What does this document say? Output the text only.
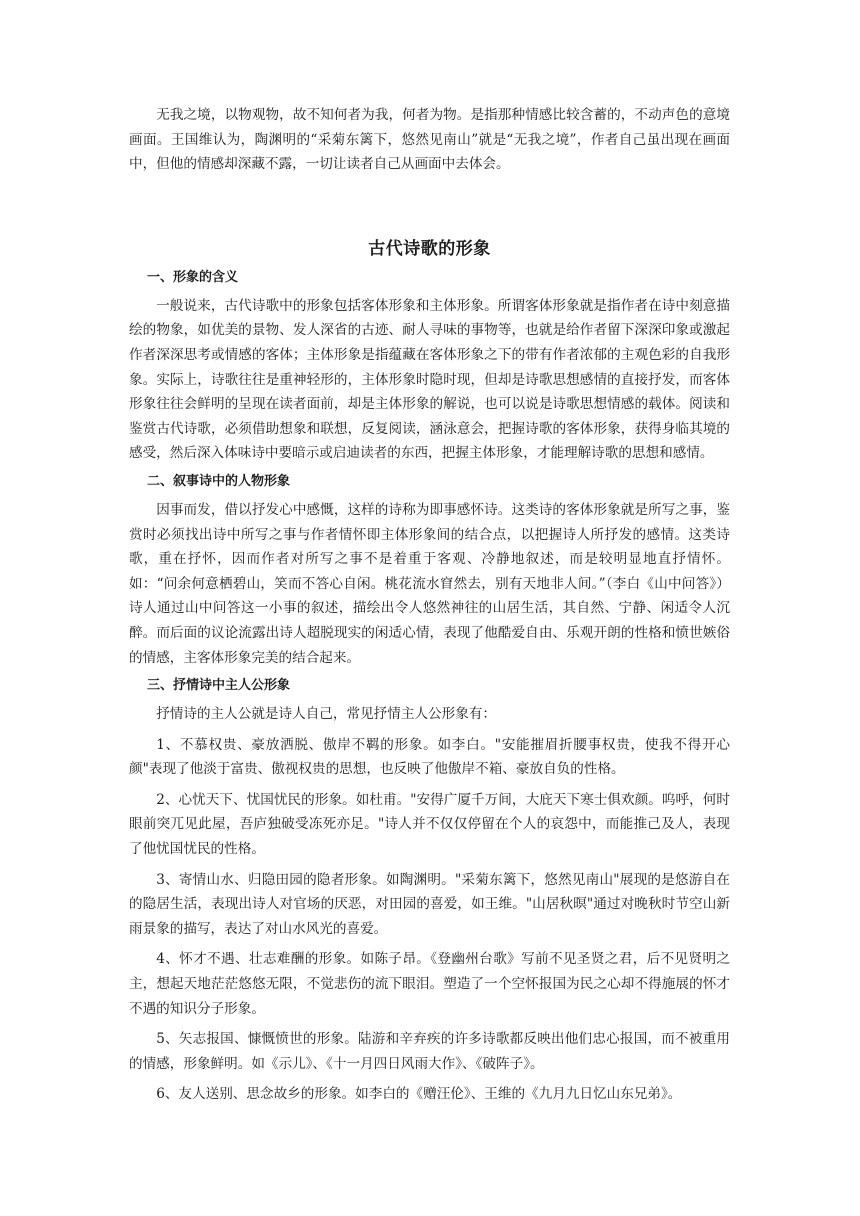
无我之境，以物观物，故不知何者为我，何者为物。是指那种情感比较含蓄的，不动声色的意境画面。王国维认为，陶渊明的“采菊东篱下，悠然见南山”就是“无我之境”，作者自己虽出现在画面中，但他的情感却深藏不露，一切让读者自己从画面中去体会。

古代诗歌的形象
一、形象的含义

一般说来，古代诗歌中的形象包括客体形象和主体形象。所谓客体形象就是指作者在诗中刻意描绘的物象，如优美的景物、发人深省的古迹、耐人寻味的事物等，也就是给作者留下深深印象或激起作者深深思考或情感的客体；主体形象是指蕴藏在客体形象之下的带有作者浓郁的主观色彩的自我形象。实际上，诗歌往往是重神轻形的，主体形象时隐时现，但却是诗歌思想感情的直接抒发，而客体形象往往会鲜明的呈现在读者面前，却是主体形象的解说，也可以说是诗歌思想情感的载体。阅读和鉴赏古代诗歌，必须借助想象和联想，反复阅读，涵泳意会，把握诗歌的客体形象，获得身临其境的感受，然后深入体味诗中要暗示或启迪读者的东西，把握主体形象，才能理解诗歌的思想和感情。

二、叙事诗中的人物形象

因事而发，借以抒发心中感慨，这样的诗称为即事感怀诗。这类诗的客体形象就是所写之事，鉴赏时必须找出诗中所写之事与作者情怀即主体形象间的结合点，以把握诗人所抒发的感情。这类诗歌，重在抒怀，因而作者对所写之事不是着重于客观、冷静地叙述，而是较明显地直抒情怀。如：“问余何意栖碧山，笑而不答心自闲。桃花流水窅然去，别有天地非人间。”（李白《山中问答》）诗人通过山中问答这一小事的叙述，描绘出令人悠然神往的山居生活，其自然、宁静、闲适令人沉醉。而后面的议论流露出诗人超脱现实的闲适心情，表现了他酷爱自由、乐观开朗的性格和愤世嫉俗的情感，主客体形象完美的结合起来。

三、抒情诗中主人公形象

抒情诗的主人公就是诗人自己，常见抒情主人公形象有：

1、不慕权贵、豪放洒脱、傲岸不羁的形象。如李白。"安能摧眉折腰事权贵，使我不得开心颜"表现了他淡于富贵、傲视权贵的思想，也反映了他傲岸不箱、豪放自负的性格。

2、心忧天下、忧国忧民的形象。如杜甫。"安得广厦千万间，大庇天下寒士俱欢颜。呜呼，何时眼前突兀见此屋，吾庐独破受冻死亦足。"诗人并不仅仅停留在个人的哀怨中，而能推己及人，表现了他忧国忧民的性格。

3、寄情山水、归隐田园的隐者形象。如陶渊明。"采菊东篱下，悠然见南山"展现的是悠游自在的隐居生活，表现出诗人对官场的厌恶，对田园的喜爱，如王维。"山居秋暝"通过对晚秋时节空山新雨景象的描写，表达了对山水风光的喜爱。

4、怀才不遇、壮志难酬的形象。如陈子昂。《登幽州台歌》写前不见圣贤之君，后不见贤明之主，想起天地茫茫悠悠无限，不觉悲伤的流下眼泪。塑造了一个空怀报国为民之心却不得施展的怀才不遇的知识分子形象。

5、矢志报国、慷慨愤世的形象。陆游和辛弃疾的许多诗歌都反映出他们忠心报国，而不被重用的情感，形象鲜明。如《示儿》、《十一月四日风雨大作》、《破阵子》。

6、友人送别、思念故乡的形象。如李白的《赠汪伦》、王维的《九月九日忆山东兄弟》。
